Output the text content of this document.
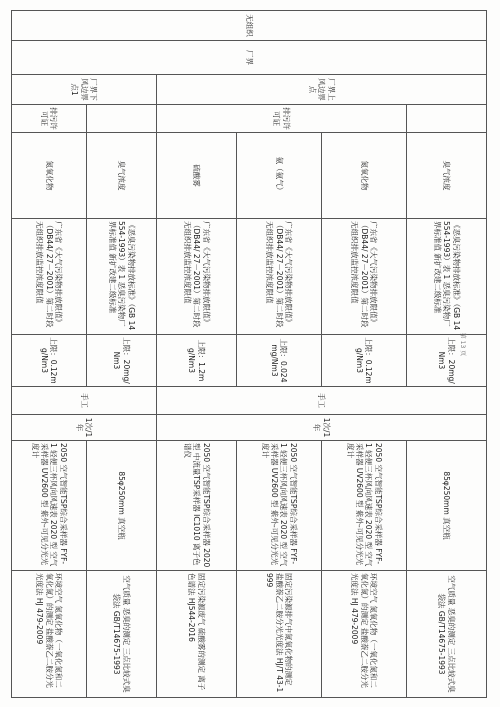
无组织	厂界	厂界上风边界点		臭气浓度	《恶臭污染物排放标准》（GB 14554-1993）表 1 恶臭污染物厂界标准值 新扩改建二级标准	上限：20mg/Nm3	手工	1次/1年	85φ250mm 真空瓶	空气质量 恶臭的测定 三点比较式臭袋法 GB/T14675-1993
			排污许可证	氮氧化物	广东省《大气污染物排放限值》（DB44/ 27－2001）第二时段无组织排放监控浓度限值	上限：0.12mg/Nm3			2050 空气智能TSP综合采样器 FYF-1 轻便三杯风向风速表 2020 型 空气采样器 UV2600 型 紫外-可见分光光度计	环境空气 氮氧化物（一氧化氮和二氧化氮）的测定 盐酸萘乙二胺分光光度法 HJ 479-2009
				氨（氨气）	广东省《大气污染物排放限值》（DB44/ 27－2001）第二时段无组织排放监控浓度限值	上限：0.024mg/Nm3			2050 空气智能TSP综合采样器 FYF-1 轻便三杯风向风速表 2020 型 空气采样器 UV2600 型 紫外-可见分光光度计	固定污染源排气中氮氧化物的测定 盐酸萘乙二胺分光光度法 HJ/T 43-1999
				硫酸雾	广东省《大气污染物排放限值》（DB44/ 27－2001）第二时段无组织排放监控浓度限值	上限：1.2mg/Nm3			2050 空气智能TSP综合采样器 2020 型 中流量TSP采样器 IC1010 离子色谱仪	固定污染源废气 硫酸雾的测定 离子色谱法 HJ544-2016
		厂界下风边界点1		臭气浓度	《恶臭污染物排放标准》（GB 14554-1993）表 1 恶臭污染物厂界标准值 新扩改建二级标准	上限：20mg/Nm3	手工	1次/1年	85φ250mm 真空瓶	空气质量 恶臭的测定 三点比较式臭袋法 GB/T14675-1993
			排污许可证	氮氧化物	广东省《大气污染物排放限值》（DB44/ 27－2001）第二时段无组织排放监控浓度限值	上限：0.12mg/Nm3			2050 空气智能TSP综合采样器 FYF-1 轻便三杯风向风速表 2020 型 空气采样器 UV2600 型 紫外-可见分光光度计	环境空气 氮氧化物（一氧化氮和二氧化氮）的测定 盐酸萘乙二胺分光光度法 HJ 479-2009
第 13 页
